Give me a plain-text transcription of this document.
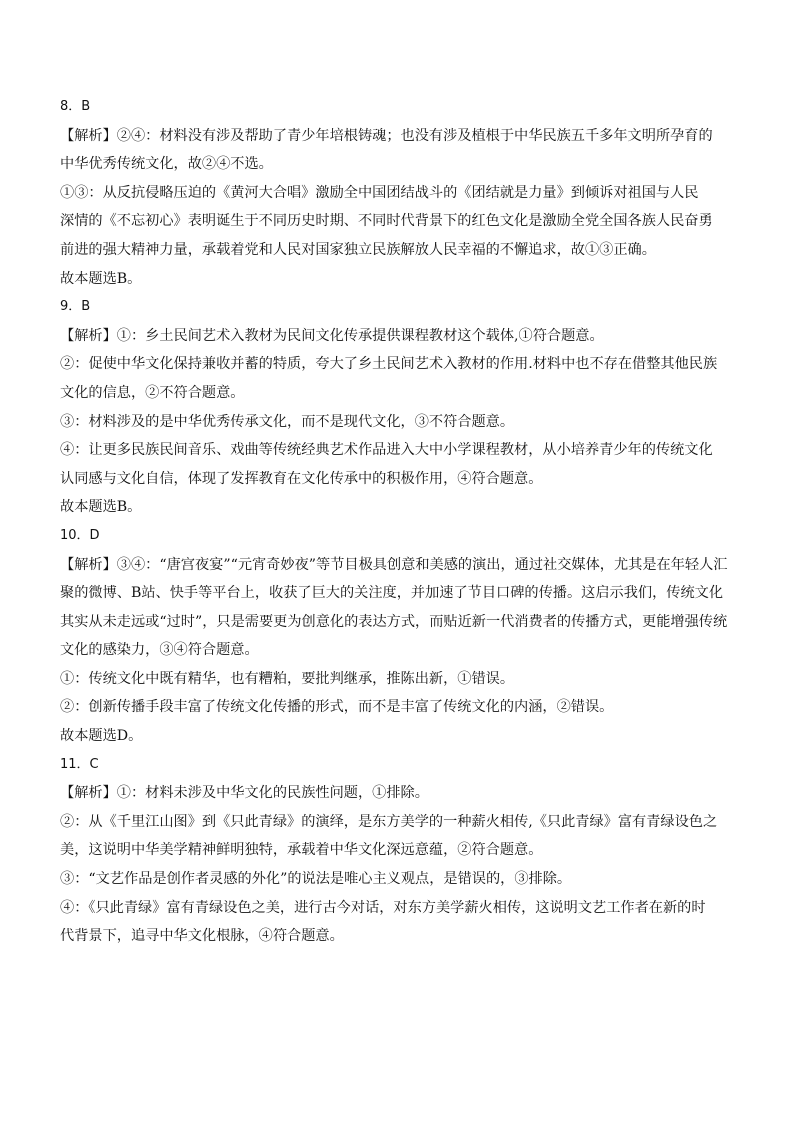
8．B
【解析】②④：材料没有涉及帮助了青少年培根铸魂；也没有涉及植根于中华民族五千多年文明所孕育的
中华优秀传统文化，故②④不选。
①③：从反抗侵略压迫的《黄河大合唱》激励全中国团结战斗的《团结就是力量》到倾诉对祖国与人民
深情的《不忘初心》表明诞生于不同历史时期、不同时代背景下的红色文化是激励全党全国各族人民奋勇
前进的强大精神力量，承载着党和人民对国家独立民族解放人民幸福的不懈追求，故①③正确。
故本题选B。
9．B
【解析】①：乡土民间艺术入教材为民间文化传承提供课程教材这个载体,①符合题意。
②：促使中华文化保持兼收并蓄的特质，夸大了乡土民间艺术入教材的作用.材料中也不存在借整其他民族
文化的信息，②不符合题意。
③：材料涉及的是中华优秀传承文化，而不是现代文化，③不符合题意。
④：让更多民族民间音乐、戏曲等传统经典艺术作品进入大中小学课程教材，从小培养青少年的传统文化
认同感与文化自信，体现了发挥教育在文化传承中的积极作用，④符合题意。
故本题选B。
10．D
【解析】③④：“唐宫夜宴”“元宵奇妙夜”等节目极具创意和美感的演出，通过社交媒体，尤其是在年轻人汇
聚的微博、B站、快手等平台上，收获了巨大的关注度，并加速了节目口碑的传播。这启示我们，传统文化
其实从未走远或“过时”，只是需要更为创意化的表达方式，而贴近新一代消费者的传播方式，更能增强传统
文化的感染力，③④符合题意。
①：传统文化中既有精华，也有糟粕，要批判继承，推陈出新，①错误。
②：创新传播手段丰富了传统文化传播的形式，而不是丰富了传统文化的内涵，②错误。
故本题选D。
11．C
【解析】①：材料未涉及中华文化的民族性问题，①排除。
②：从《千里江山图》到《只此青绿》的演绎，是东方美学的一种薪火相传,《只此青绿》富有青绿设色之
美，这说明中华美学精神鲜明独特，承载着中华文化深远意蕴，②符合题意。
③：“文艺作品是创作者灵感的外化”的说法是唯心主义观点，是错误的，③排除。
④：《只此青绿》富有青绿设色之美，进行古今对话，对东方美学薪火相传，这说明文艺工作者在新的时
代背景下，追寻中华文化根脉，④符合题意。
